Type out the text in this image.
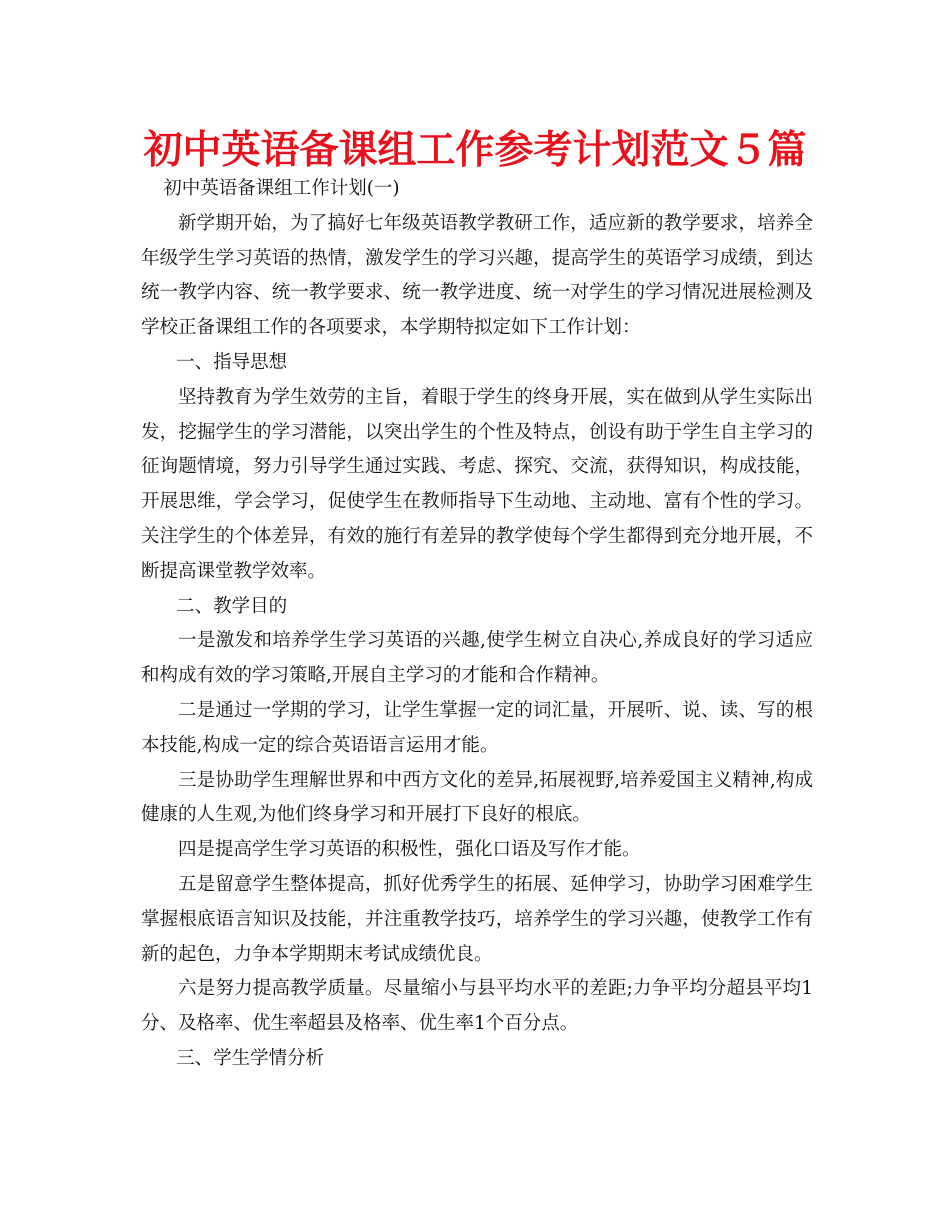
初中英语备课组工作参考计划范文５篇

初中英语备课组工作计划(一)

新学期开始，为了搞好七年级英语教学教研工作，适应新的教学要求，培养全年级学生学习英语的热情，激发学生的学习兴趣，提高学生的英语学习成绩，到达统一教学内容、统一教学要求、统一教学进度、统一对学生的学习情况进展检测及学校正备课组工作的各项要求，本学期特拟定如下工作计划：

一、指导思想

坚持教育为学生效劳的主旨，着眼于学生的终身开展，实在做到从学生实际出发，挖掘学生的学习潜能，以突出学生的个性及特点，创设有助于学生自主学习的征询题情境，努力引导学生通过实践、考虑、探究、交流，获得知识，构成技能，开展思维，学会学习，促使学生在教师指导下生动地、主动地、富有个性的学习。关注学生的个体差异，有效的施行有差异的教学使每个学生都得到充分地开展，不断提高课堂教学效率。

二、教学目的

一是激发和培养学生学习英语的兴趣,使学生树立自决心,养成良好的学习适应和构成有效的学习策略,开展自主学习的才能和合作精神。

二是通过一学期的学习，让学生掌握一定的词汇量，开展听、说、读、写的根本技能,构成一定的综合英语语言运用才能。

三是协助学生理解世界和中西方文化的差异,拓展视野,培养爱国主义精神,构成健康的人生观,为他们终身学习和开展打下良好的根底。

四是提高学生学习英语的积极性，强化口语及写作才能。

五是留意学生整体提高，抓好优秀学生的拓展、延伸学习，协助学习困难学生掌握根底语言知识及技能，并注重教学技巧，培养学生的学习兴趣，使教学工作有新的起色，力争本学期期末考试成绩优良。

六是努力提高教学质量。尽量缩小与县平均水平的差距;力争平均分超县平均1分、及格率、优生率超县及格率、优生率1个百分点。

三、学生学情分析
